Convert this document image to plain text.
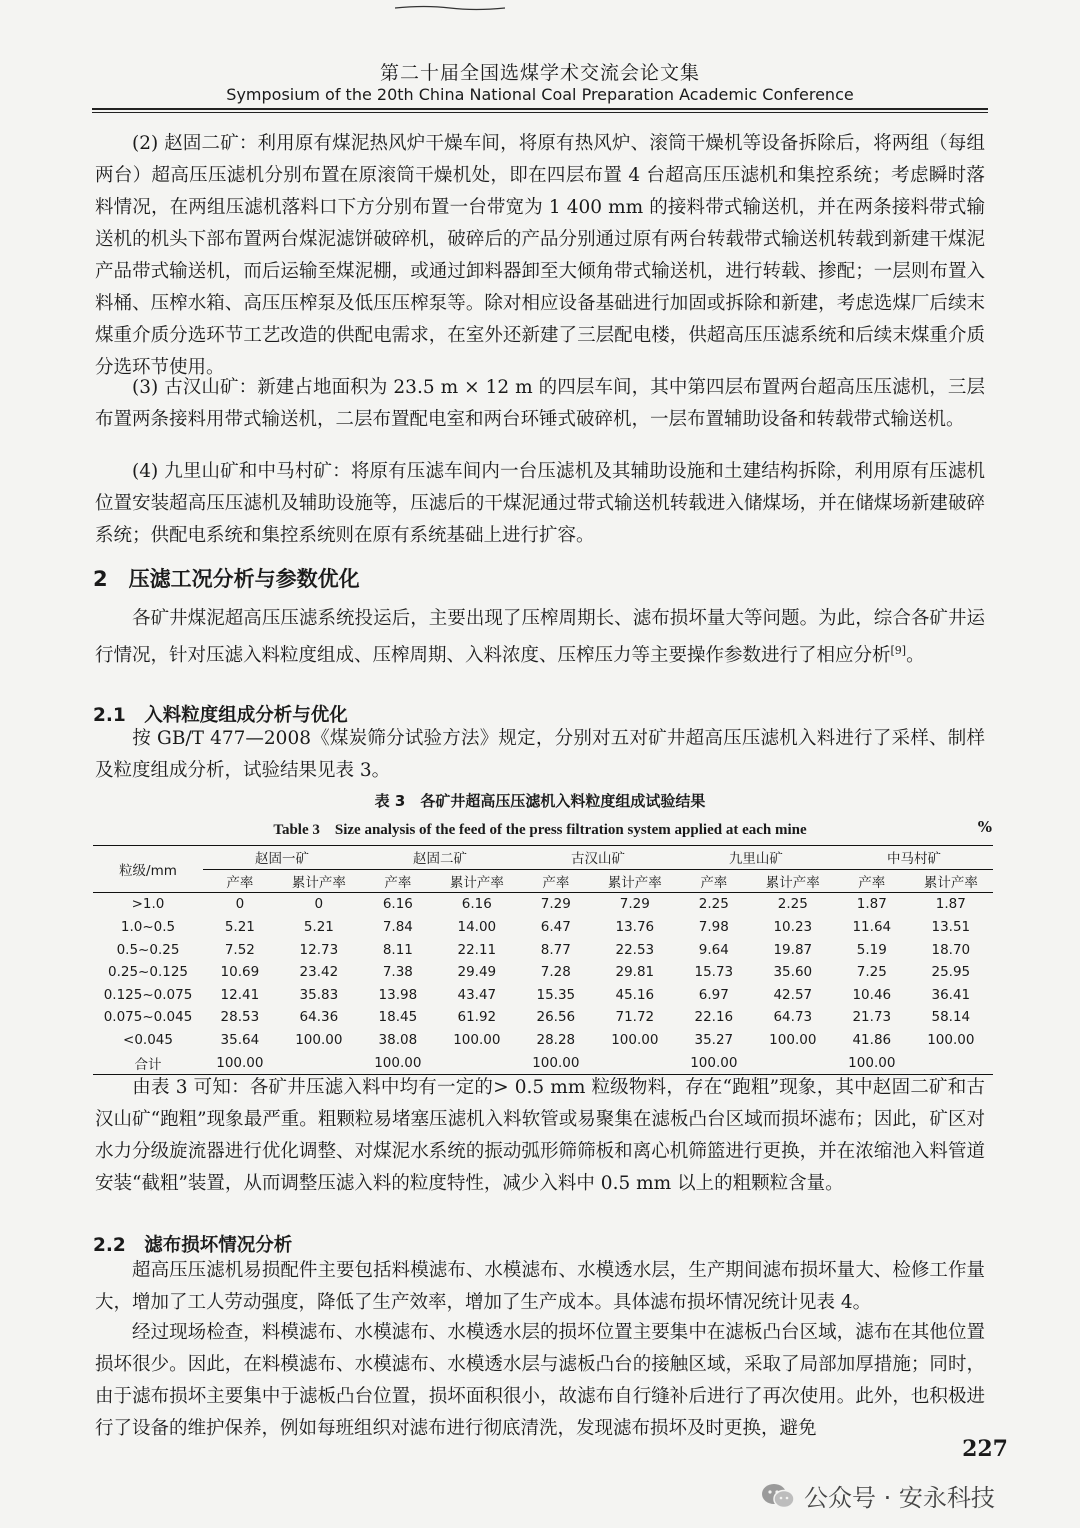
第二十届全国选煤学术交流会论文集
Symposium of the 20th China National Coal Preparation Academic Conference
(2) 赵固二矿：利用原有煤泥热风炉干燥车间，将原有热风炉、滚筒干燥机等设备拆除后，将两组（每组两台）超高压压滤机分别布置在原滚筒干燥机处，即在四层布置 4 台超高压压滤机和集控系统；考虑瞬时落料情况，在两组压滤机落料口下方分别布置一台带宽为 1 400 mm 的接料带式输送机，并在两条接料带式输送机的机头下部布置两台煤泥滤饼破碎机，破碎后的产品分别通过原有两台转载带式输送机转载到新建干煤泥产品带式输送机，而后运输至煤泥棚，或通过卸料器卸至大倾角带式输送机，进行转载、掺配；一层则布置入料桶、压榨水箱、高压压榨泵及低压压榨泵等。除对相应设备基础进行加固或拆除和新建，考虑选煤厂后续末煤重介质分选环节工艺改造的供配电需求，在室外还新建了三层配电楼，供超高压压滤系统和后续末煤重介质分选环节使用。
(3) 古汉山矿：新建占地面积为 23.5 m × 12 m 的四层车间，其中第四层布置两台超高压压滤机，三层布置两条接料用带式输送机，二层布置配电室和两台环锤式破碎机，一层布置辅助设备和转载带式输送机。
(4) 九里山矿和中马村矿：将原有压滤车间内一台压滤机及其辅助设施和土建结构拆除，利用原有压滤机位置安装超高压压滤机及辅助设施等，压滤后的干煤泥通过带式输送机转载进入储煤场，并在储煤场新建破碎系统；供配电系统和集控系统则在原有系统基础上进行扩容。
2　压滤工况分析与参数优化
各矿井煤泥超高压压滤系统投运后，主要出现了压榨周期长、滤布损坏量大等问题。为此，综合各矿井运行情况，针对压滤入料粒度组成、压榨周期、入料浓度、压榨压力等主要操作参数进行了相应分析[9]。
2.1　入料粒度组成分析与优化
按 GB/T 477—2008《煤炭筛分试验方法》规定，分别对五对矿井超高压压滤机入料进行了采样、制样及粒度组成分析，试验结果见表 3。
表 3　各矿井超高压压滤机入料粒度组成试验结果
Table 3　Size analysis of the feed of the press filtration system applied at each mine	%
粒级/mm	赵固一矿		赵固二矿		古汉山矿		九里山矿		中马村矿	
	产率	累计产率	产率	累计产率	产率	累计产率	产率	累计产率	产率	累计产率
>1.0	0	0	6.16	6.16	7.29	7.29	2.25	2.25	1.87	1.87
1.0~0.5	5.21	5.21	7.84	14.00	6.47	13.76	7.98	10.23	11.64	13.51
0.5~0.25	7.52	12.73	8.11	22.11	8.77	22.53	9.64	19.87	5.19	18.70
0.25~0.125	10.69	23.42	7.38	29.49	7.28	29.81	15.73	35.60	7.25	25.95
0.125~0.075	12.41	35.83	13.98	43.47	15.35	45.16	6.97	42.57	10.46	36.41
0.075~0.045	28.53	64.36	18.45	61.92	26.56	71.72	22.16	64.73	21.73	58.14
<0.045	35.64	100.00	38.08	100.00	28.28	100.00	35.27	100.00	41.86	100.00
合计	100.00		100.00		100.00		100.00		100.00	
由表 3 可知：各矿井压滤入料中均有一定的> 0.5 mm 粒级物料，存在“跑粗”现象，其中赵固二矿和古汉山矿“跑粗”现象最严重。粗颗粒易堵塞压滤机入料软管或易聚集在滤板凸台区域而损坏滤布；因此，矿区对水力分级旋流器进行优化调整、对煤泥水系统的振动弧形筛筛板和离心机筛篮进行更换，并在浓缩池入料管道安装“截粗”装置，从而调整压滤入料的粒度特性，减少入料中 0.5 mm 以上的粗颗粒含量。
2.2　滤布损坏情况分析
超高压压滤机易损配件主要包括料模滤布、水模滤布、水模透水层，生产期间滤布损坏量大、检修工作量大，增加了工人劳动强度，降低了生产效率，增加了生产成本。具体滤布损坏情况统计见表 4。
经过现场检查，料模滤布、水模滤布、水模透水层的损坏位置主要集中在滤板凸台区域，滤布在其他位置损坏很少。因此，在料模滤布、水模滤布、水模透水层与滤板凸台的接触区域，采取了局部加厚措施；同时，由于滤布损坏主要集中于滤板凸台位置，损坏面积很小，故滤布自行缝补后进行了再次使用。此外，也积极进行了设备的维护保养，例如每班组织对滤布进行彻底清洗，发现滤布损坏及时更换，避免
227
公众号 · 安永科技
